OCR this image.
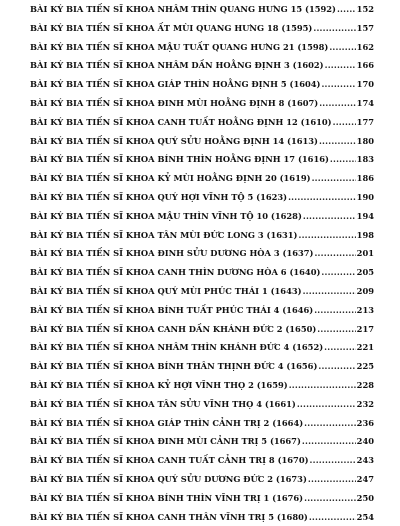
BÀI KÝ BIA TIẾN SĨ KHOA NHÂM THÌN QUANG HƯNG 15 (1592) ..... 152
BÀI KÝ BIA TIẾN SĨ KHOA ẤT MÙI QUANG HƯNG 18 (1595) .....	157
BÀI KÝ BIA TIẾN SĨ KHOA MẬU TUẤT QUANG HƯNG 21 (1598) .....	162
BÀI KÝ BIA TIẾN SĨ KHOA NHÂM DẦN HOẰNG ĐỊNH 3 (1602) .....	166
BÀI KÝ BIA TIẾN SĨ KHOA GIÁP THÌN HOẰNG ĐỊNH 5 (1604) .....	170
BÀI KÝ BIA TIẾN SĨ KHOA ĐINH MÙI HOẰNG ĐỊNH 8 (1607) .....	174
BÀI KÝ BIA TIẾN SĨ KHOA CANH TUẤT HOẰNG ĐỊNH 12 (1610) .....	177
BÀI KÝ BIA TIẾN SĨ KHOA QUÝ SỬU HOẰNG ĐỊNH 14 (1613) .....	180
BÀI KÝ BIA TIẾN SĨ KHOA BÍNH THÌN HOẰNG ĐỊNH 17 (1616) .....	183
BÀI KÝ BIA TIẾN SĨ KHOA KỶ MÙI HOẰNG ĐỊNH 20 (1619) .....	186
BÀI KÝ BIA TIẾN SĨ KHOA QUÝ HỢI VĨNH TỘ 5 (1623) .....	190
BÀI KÝ BIA TIẾN SĨ KHOA MẬU THÌN VĨNH TỘ 10 (1628) .....	194
BÀI KÝ BIA TIẾN SĨ KHOA TÂN MÙI ĐỨC LONG 3 (1631) .....	198
BÀI KÝ BIA TIẾN SĨ KHOA ĐINH SỬU DƯƠNG HÒA 3 (1637) .....	201
BÀI KÝ BIA TIẾN SĨ KHOA CANH THÌN DƯƠNG HÒA 6 (1640) .....	205
BÀI KÝ BIA TIẾN SĨ KHOA QUÝ MÙI PHÚC THÁI 1 (1643) .....	209
BÀI KÝ BIA TIẾN SĨ KHOA BÍNH TUẤT PHÚC THÁI 4 (1646) .....	213
BÀI KÝ BIA TIẾN SĨ KHOA CANH DẦN KHÁNH ĐỨC 2 (1650) .....	217
BÀI KÝ BIA TIẾN SĨ KHOA NHÂM THÌN KHÁNH ĐỨC 4 (1652) .....	221
BÀI KÝ BIA TIẾN SĨ KHOA BÍNH THÂN THỊNH ĐỨC 4 (1656) .....	225
BÀI KÝ BIA TIẾN SĨ KHOA KỶ HỢI VĨNH THỌ 2 (1659) .....	228
BÀI KÝ BIA TIẾN SĨ KHOA TÂN SỬU VĨNH THỌ 4 (1661) .....	232
BÀI KÝ BIA TIẾN SĨ KHOA GIÁP THÌN CẢNH TRỊ 2 (1664) .....	236
BÀI KÝ BIA TIẾN SĨ KHOA ĐINH MÙI CẢNH TRỊ 5 (1667) .....	240
BÀI KÝ BIA TIẾN SĨ KHOA CANH TUẤT CẢNH TRỊ 8 (1670) .....	243
BÀI KÝ BIA TIẾN SĨ KHOA QUÝ SỬU DƯƠNG ĐỨC 2 (1673) .....	247
BÀI KÝ BIA TIẾN SĨ KHOA BÍNH THÌN VĨNH TRỊ 1 (1676) .....	250
BÀI KÝ BIA TIẾN SĨ KHOA CANH THÂN VĨNH TRỊ 5 (1680) .....	254
